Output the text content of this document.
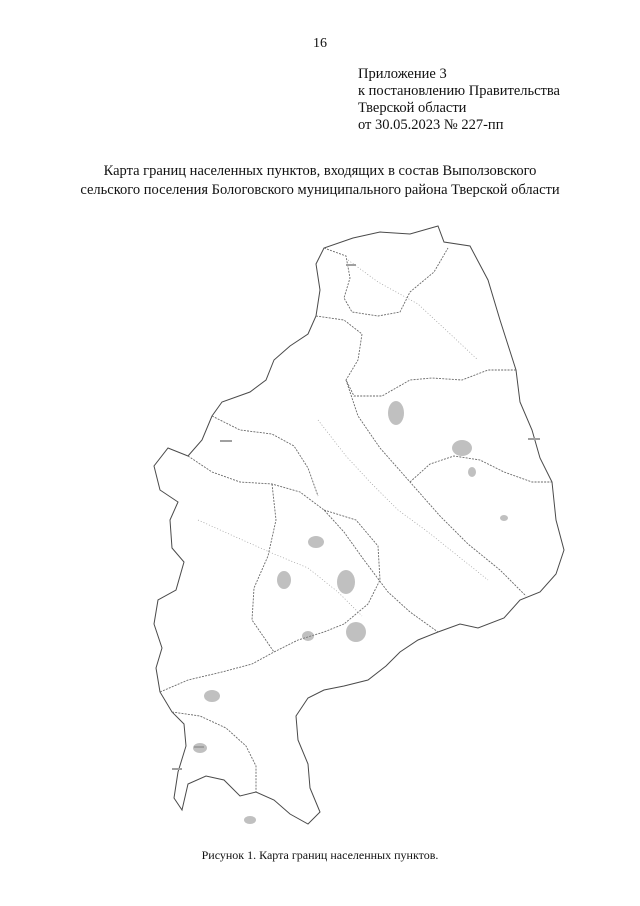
16
Приложение 3
к постановлению Правительства
Тверской области
от 30.05.2023 № 227-пп
Карта границ населенных пунктов, входящих в состав Выползовского
сельского поселения Бологовского муниципального района Тверской области
Рисунок 1. Карта границ населенных пунктов.
